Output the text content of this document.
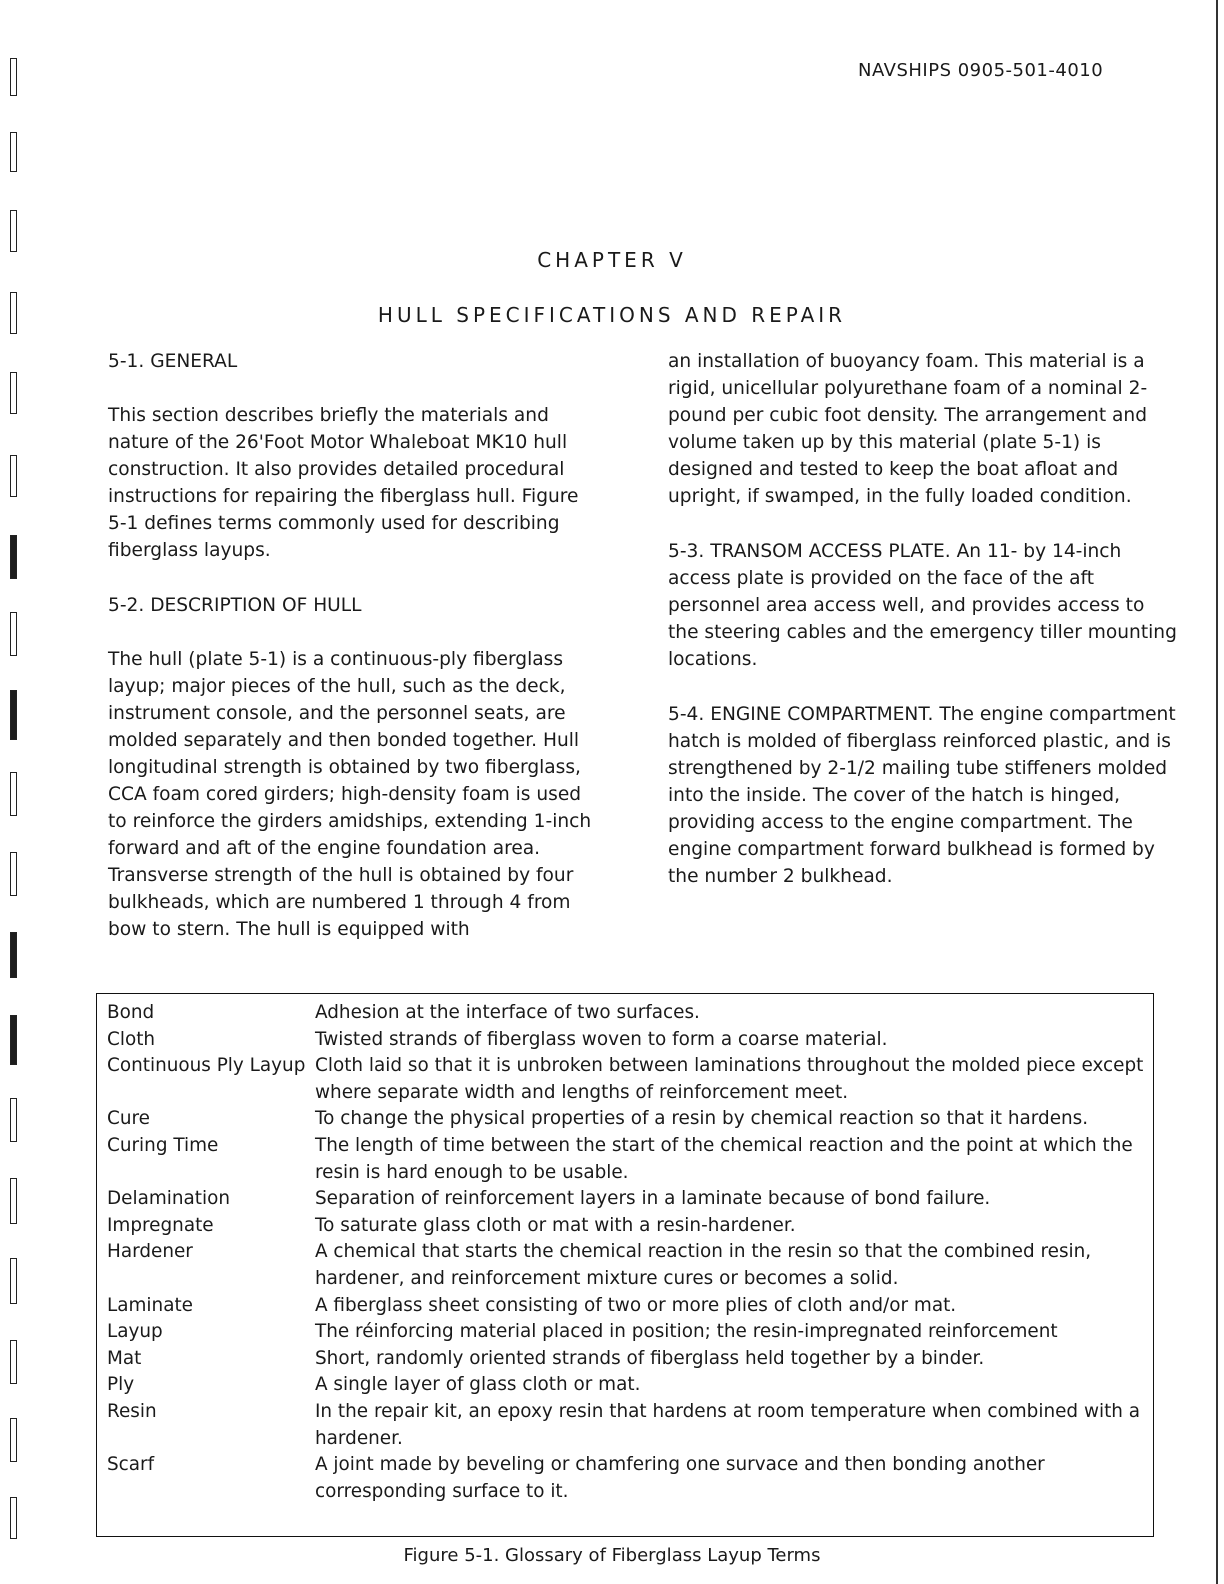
NAVSHIPS 0905-501-4010
CHAPTER V
HULL SPECIFICATIONS AND REPAIR

5-1. GENERAL

This section describes briefly the materials and nature of the 26'Foot Motor Whaleboat MK10 hull construction. It also provides detailed procedural instructions for repairing the fiberglass hull. Figure 5-1 defines terms commonly used for describing fiberglass layups.

5-2. DESCRIPTION OF HULL

The hull (plate 5-1) is a continuous-ply fiberglass layup; major pieces of the hull, such as the deck, instrument console, and the personnel seats, are molded separately and then bonded together. Hull longitudinal strength is obtained by two fiberglass, CCA foam cored girders; high-density foam is used to reinforce the girders amidships, extending 1-inch forward and aft of the engine foundation area. Transverse strength of the hull is obtained by four bulkheads, which are numbered 1 through 4 from bow to stern. The hull is equipped with

an installation of buoyancy foam. This material is a rigid, unicellular polyurethane foam of a nominal 2-pound per cubic foot density. The arrangement and volume taken up by this material (plate 5-1) is designed and tested to keep the boat afloat and upright, if swamped, in the fully loaded condition.

5-3. TRANSOM ACCESS PLATE. An 11- by 14-inch access plate is provided on the face of the aft personnel area access well, and provides access to the steering cables and the emergency tiller mounting locations.

5-4. ENGINE COMPARTMENT. The engine compartment hatch is molded of fiberglass reinforced plastic, and is strengthened by 2-1/2 mailing tube stiffeners molded into the inside. The cover of the hatch is hinged, providing access to the engine compartment. The engine compartment forward bulkhead is formed by the number 2 bulkhead.

Bond	Adhesion at the interface of two surfaces.
Cloth	Twisted strands of fiberglass woven to form a coarse material.
Continuous Ply Layup	Cloth laid so that it is unbroken between laminations throughout the molded piece except where separate width and lengths of reinforcement meet.
Cure	To change the physical properties of a resin by chemical reaction so that it hardens.
Curing Time	The length of time between the start of the chemical reaction and the point at which the resin is hard enough to be usable.
Delamination	Separation of reinforcement layers in a laminate because of bond failure.
Impregnate	To saturate glass cloth or mat with a resin-hardener.
Hardener	A chemical that starts the chemical reaction in the resin so that the combined resin, hardener, and reinforcement mixture cures or becomes a solid.
Laminate	A fiberglass sheet consisting of two or more plies of cloth and/or mat.
Layup	The réinforcing material placed in position; the resin-impregnated reinforcement
Mat	Short, randomly oriented strands of fiberglass held together by a binder.
Ply	A single layer of glass cloth or mat.
Resin	In the repair kit, an epoxy resin that hardens at room temperature when combined with a hardener.
Scarf	A joint made by beveling or chamfering one survace and then bonding another corresponding surface to it.
Figure 5-1. Glossary of Fiberglass Layup Terms
